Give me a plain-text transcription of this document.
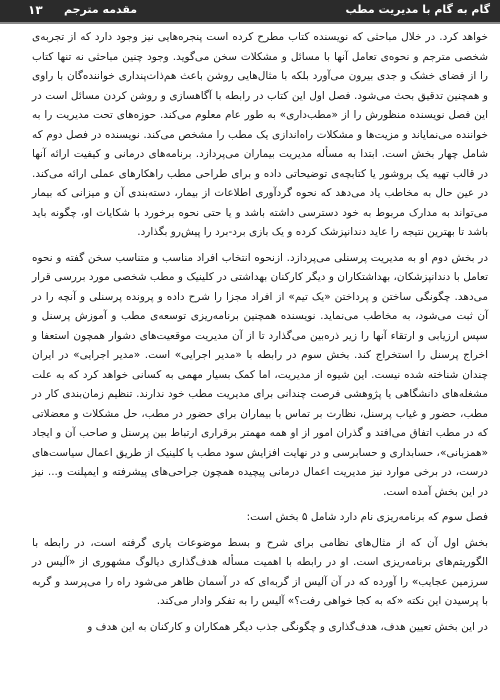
۱۳ مقدمه مترجم	گام به گام با مدیریت مطب

خواهد کرد. در خلال مباحثی که نویسنده کتاب مطرح کرده است پنجره‌هایی نیز وجود دارد که از تجربه‌ی شخصی مترجم و نحوه‌ی تعامل آنها با مسائل و مشکلات سخن می‌گوید. وجود چنین مباحثی نه تنها کتاب را از فضای خشک و جدی بیرون می‌آورد بلکه با مثال‌هایی روشن باعث هم‌ذات‌پنداری خواننده‌گان با راوی و همچنین تدقیق بحث می‌شود. فصل اول این کتاب در رابطه با آگاهسازی و روشن کردن مسائل است در این فصل نویسنده منظورش را از «مطب‌داری» به طور عام معلوم می‌کند. حوزه‌های تحت مدیریت را به خواننده می‌نمایاند و مزیت‌ها و مشکلات راه‌اندازی یک مطب را مشخص می‌کند. نویسنده در فصل دوم که شامل چهار بخش است. ابتدا به مسأله مدیریت بیماران می‌پردازد. برنامه‌های درمانی و کیفیت ارائه آنها در قالب تهیه یک بروشور یا کتابچه‌ی توضیحاتی داده و برای طراحی مطب راهکارهای عملی ارائه می‌کند. در عین حال به مخاطب یاد می‌دهد که نحوه گردآوری اطلاعات از بیمار، دسته‌بندی آن و میزانی که بیمار می‌تواند به مدارک مربوط به خود دسترسی داشته باشد و یا حتی نحوه برخورد با شکایات او، چگونه باید باشد تا بهترین نتیجه را عاید دندانپزشک کرده و یک بازی برد-برد را پیش‌رو بگذارد.

در بخش دوم او به مدیریت پرسنلی می‌پردازد. ازنحوه انتخاب افراد مناسب و متناسب سخن گفته و نحوه تعامل با دندانپزشکان، بهداشتکاران و دیگر کارکنان بهداشتی در کلینیک و مطب شخصی مورد بررسی قرار می‌دهد. چگونگی ساختن و پرداختن «یک تیم» از افراد مجزا را شرح داده و پرونده پرسنلی و آنچه را در آن ثبت می‌شود، به مخاطب می‌نماید. نویسنده همچنین برنامه‌ریزی توسعه‌ی مطب و آموزش پرسنل و سپس ارزیابی و ارتقاء آنها را زیر ذره‌بین می‌گذارد تا از آن مدیریت موقعیت‌های دشوار همچون استعفا و اخراج پرسنل را استخراج کند. بخش سوم در رابطه با «مدیر اجرایی» است. «مدیر اجرایی» در ایران چندان شناخته شده نیست. این شیوه از مدیریت، اما کمک بسیار مهمی به کسانی خواهد کرد که به علت مشغله‌های دانشگاهی یا پژوهشی فرصت چندانی برای مدیریت مطب خود ندارند. تنظیم زمان‌بندی کار در مطب، حضور و غیاب پرسنل، نظارت بر تماس با بیماران برای حضور در مطب، حل مشکلات و معضلاتی که در مطب اتفاق می‌افتد و گذران امور از او همه مهمتر برقراری ارتباط بین پرسنل و صاحب آن و ایجاد «همزبانی»، حسابداری و حسابرسی و در نهایت افزایش سود مطب یا کلینیک از طریق اعمال سیاست‌های درست، در برخی موارد نیز مدیریت اعمال درمانی پیچیده همچون جراحی‌های پیشرفته و ایمپلنت و... نیز در این بخش آمده است.

فصل سوم که برنامه‌ریزی نام دارد شامل ۵ بخش است:

بخش اول آن که از مثال‌های نظامی برای شرح و بسط موضوعات یاری گرفته است، در رابطه با الگوریتم‌های برنامه‌ریزی است. او در رابطه با اهمیت مسأله هدف‌گذاری دیالوگ مشهوری از «آلیس در سرزمین عجایب» را آورده که در آن آلیس از گربه‌ای که در آسمان ظاهر می‌شود راه را می‌پرسد و گربه با پرسیدن این نکته «که به کجا خواهی رفت؟» آلیس را به تفکر وادار می‌کند.

در این بخش تعیین هدف، هدف‌گذاری و چگونگی جذب دیگر همکاران و کارکنان به این هدف و
